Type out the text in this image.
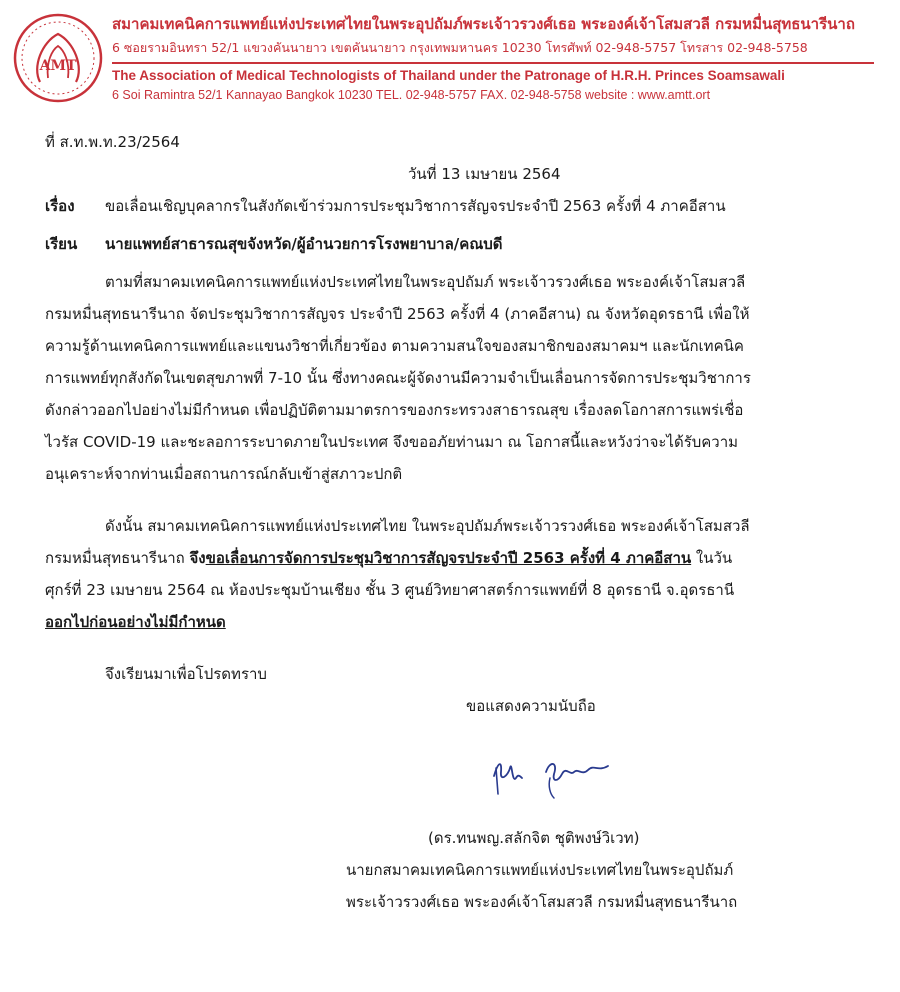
AMT
สมาคมเทคนิคการแพทย์แห่งประเทศไทยในพระอุปถัมภ์พระเจ้าวรวงศ์เธอ พระองค์เจ้าโสมสวลี กรมหมื่นสุทธนารีนาถ
6 ซอยรามอินทรา 52/1 แขวงคันนายาว เขตคันนายาว กรุงเทพมหานคร 10230 โทรศัพท์ 02-948-5757 โทรสาร 02-948-5758
The Association of Medical Technologists of Thailand under the Patronage of H.R.H. Princes Soamsawali
6 Soi Ramintra 52/1 Kannayao Bangkok 10230 TEL. 02-948-5757 FAX. 02-948-5758 website : www.amtt.ort
ที่ ส.ท.พ.ท.23/2564
วันที่ 13 เมษายน 2564
เรื่อง ขอเลื่อนเชิญบุคลากรในสังกัดเข้าร่วมการประชุมวิชาการสัญจรประจำปี 2563 ครั้งที่ 4 ภาคอีสาน
เรียน นายแพทย์สาธารณสุขจังหวัด/ผู้อำนวยการโรงพยาบาล/คณบดี
ตามที่สมาคมเทคนิคการแพทย์แห่งประเทศไทยในพระอุปถัมภ์ พระเจ้าวรวงศ์เธอ พระองค์เจ้าโสมสวลี
กรมหมื่นสุทธนารีนาถ จัดประชุมวิชาการสัญจร ประจำปี 2563 ครั้งที่ 4 (ภาคอีสาน) ณ จังหวัดอุดรธานี เพื่อให้
ความรู้ด้านเทคนิคการแพทย์และแขนงวิชาที่เกี่ยวข้อง ตามความสนใจของสมาชิกของสมาคมฯ และนักเทคนิค
การแพทย์ทุกสังกัดในเขตสุขภาพที่ 7-10 นั้น ซึ่งทางคณะผู้จัดงานมีความจำเป็นเลื่อนการจัดการประชุมวิชาการ
ดังกล่าวออกไปอย่างไม่มีกำหนด เพื่อปฏิบัติตามมาตรการของกระทรวงสาธารณสุข เรื่องลดโอกาสการแพร่เชื่อ
ไวรัส COVID-19 และชะลอการระบาดภายในประเทศ จึงขออภัยท่านมา ณ โอกาสนี้และหวังว่าจะได้รับความ
อนุเคราะห์จากท่านเมื่อสถานการณ์กลับเข้าสู่สภาวะปกติ
ดังนั้น สมาคมเทคนิคการแพทย์แห่งประเทศไทย ในพระอุปถัมภ์พระเจ้าวรวงศ์เธอ พระองค์เจ้าโสมสวลี
กรมหมื่นสุทธนารีนาถ จึงขอเลื่อนการจัดการประชุมวิชาการสัญจรประจำปี 2563 ครั้งที่ 4 ภาคอีสาน ในวัน
ศุกร์ที่ 23 เมษายน 2564 ณ ห้องประชุมบ้านเชียง ชั้น 3 ศูนย์วิทยาศาสตร์การแพทย์ที่ 8 อุดรธานี จ.อุดรธานี
ออกไปก่อนอย่างไม่มีกำหนด
จึงเรียนมาเพื่อโปรดทราบ
ขอแสดงความนับถือ
(ดร.ทนพญ.สลักจิต ชุติพงษ์วิเวท)
นายกสมาคมเทคนิคการแพทย์แห่งประเทศไทยในพระอุปถัมภ์
พระเจ้าวรวงศ์เธอ พระองค์เจ้าโสมสวลี กรมหมื่นสุทธนารีนาถ
